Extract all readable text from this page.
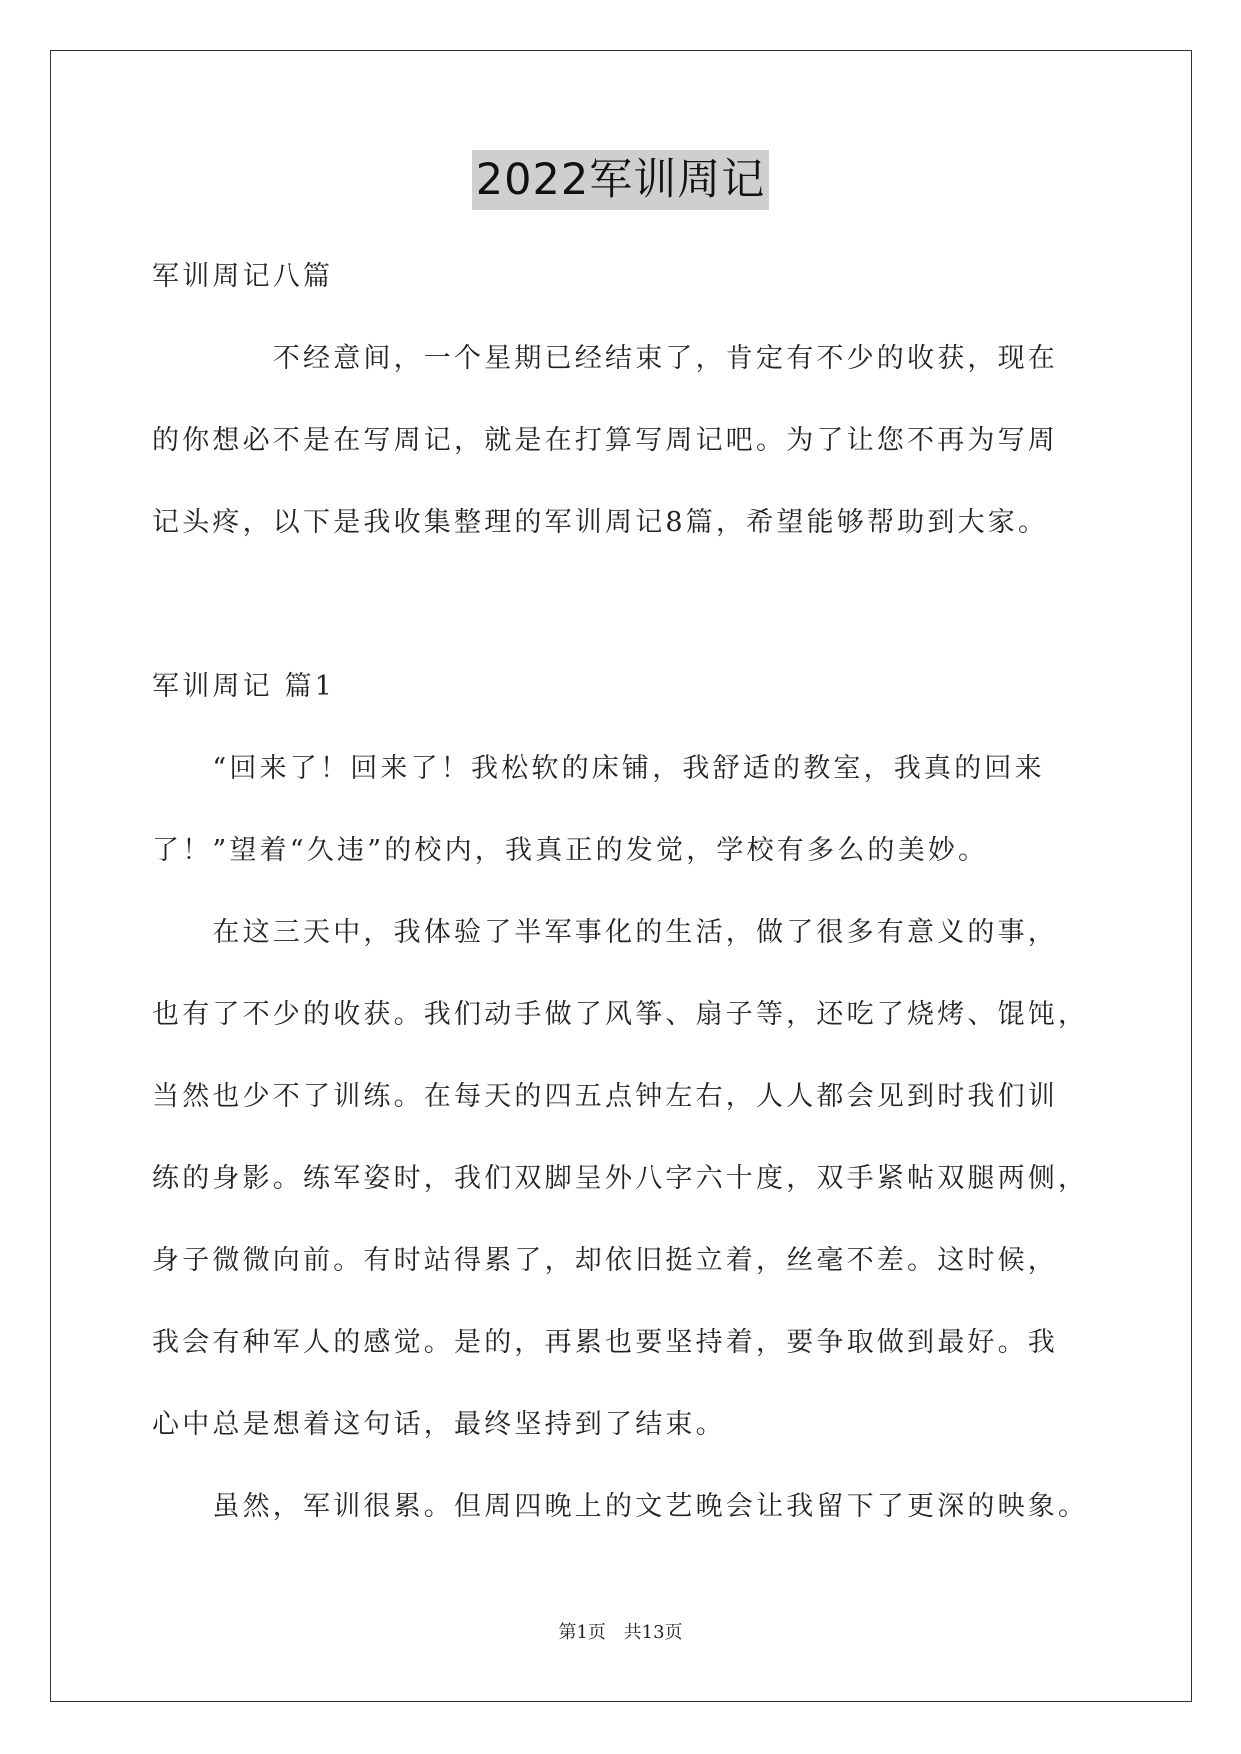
2022军训周记
军训周记八篇
　　　　不经意间，一个星期已经结束了，肯定有不少的收获，现在
的你想必不是在写周记，就是在打算写周记吧。为了让您不再为写周
记头疼，以下是我收集整理的军训周记8篇，希望能够帮助到大家。
军训周记 篇1
　　“回来了！回来了！我松软的床铺，我舒适的教室，我真的回来
了！”望着“久违”的校内，我真正的发觉，学校有多么的美妙。
　　在这三天中，我体验了半军事化的生活，做了很多有意义的事，
也有了不少的收获。我们动手做了风筝、扇子等，还吃了烧烤、馄饨，
当然也少不了训练。在每天的四五点钟左右，人人都会见到时我们训
练的身影。练军姿时，我们双脚呈外八字六十度，双手紧帖双腿两侧，
身子微微向前。有时站得累了，却依旧挺立着，丝毫不差。这时候，
我会有种军人的感觉。是的，再累也要坚持着，要争取做到最好。我
心中总是想着这句话，最终坚持到了结束。
　　虽然，军训很累。但周四晚上的文艺晚会让我留下了更深的映象。
第1页 共13页
